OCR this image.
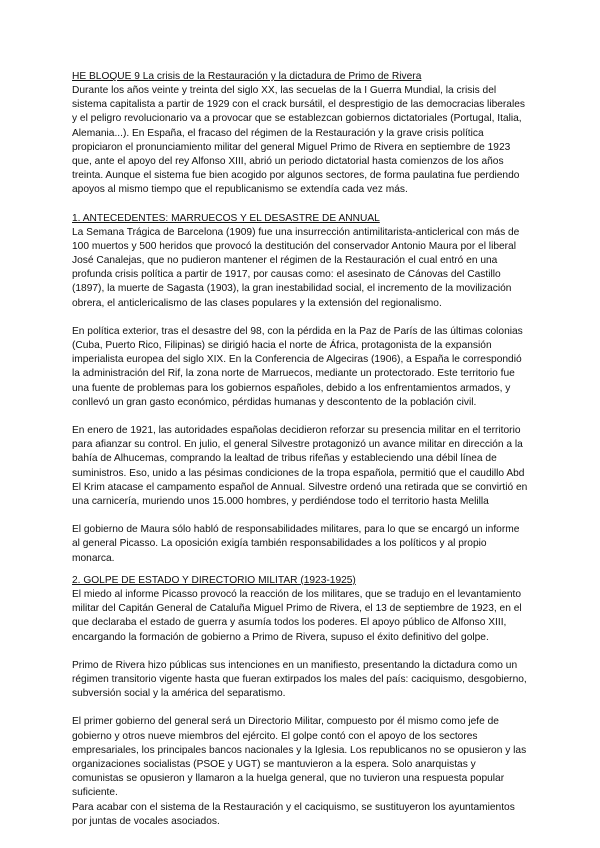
HE BLOQUE 9 La crisis de la Restauración y la dictadura de Primo de Rivera

Durante los años veinte y treinta del siglo XX, las secuelas de la I Guerra Mundial, la crisis del sistema capitalista a partir de 1929 con el crack bursátil, el desprestigio de las democracias liberales y el peligro revolucionario va a provocar que se establezcan gobiernos dictatoriales (Portugal, Italia, Alemania...). En España, el fracaso del régimen de la Restauración y la grave crisis política propiciaron el pronunciamiento militar del general Miguel Primo de Rivera en septiembre de 1923 que, ante el apoyo del rey Alfonso XIII, abrió un periodo dictatorial hasta comienzos de los años treinta. Aunque el sistema fue bien acogido por algunos sectores, de forma paulatina fue perdiendo apoyos al mismo tiempo que el republicanismo se extendía cada vez más.

1. ANTECEDENTES: MARRUECOS Y EL DESASTRE DE ANNUAL

La Semana Trágica de Barcelona (1909) fue una insurrección antimilitarista-anticlerical con más de 100 muertos y 500 heridos que provocó la destitución del conservador Antonio Maura por el liberal José Canalejas, que no pudieron mantener el régimen de la Restauración el cual entró en una profunda crisis política a partir de 1917, por causas como: el asesinato de Cánovas del Castillo (1897), la muerte de Sagasta (1903), la gran inestabilidad social, el incremento de la movilización obrera, el anticlericalismo de las clases populares y la extensión del regionalismo.

En política exterior, tras el desastre del 98, con la pérdida en la Paz de París de las últimas colonias (Cuba, Puerto Rico, Filipinas) se dirigió hacia el norte de África, protagonista de la expansión imperialista europea del siglo XIX. En la Conferencia de Algeciras (1906), a España le correspondió la administración del Rif, la zona norte de Marruecos, mediante un protectorado. Este territorio fue una fuente de problemas para los gobiernos españoles, debido a los enfrentamientos armados, y conllevó un gran gasto económico, pérdidas humanas y descontento de la población civil.

En enero de 1921, las autoridades españolas decidieron reforzar su presencia militar en el territorio para afianzar su control. En julio, el general Silvestre protagonizó un avance militar en dirección a la bahía de Alhucemas, comprando la lealtad de tribus rifeñas y estableciendo una débil línea de suministros. Eso, unido a las pésimas condiciones de la tropa española, permitió que el caudillo Abd El Krim atacase el campamento español de Annual. Silvestre ordenó una retirada que se convirtió en una carnicería, muriendo unos 15.000 hombres, y perdiéndose todo el territorio hasta Melilla

El gobierno de Maura sólo habló de responsabilidades militares, para lo que se encargó un informe al general Picasso. La oposición exigía también responsabilidades a los políticos y al propio monarca.

2. GOLPE DE ESTADO Y DIRECTORIO MILITAR (1923-1925)

El miedo al informe Picasso provocó la reacción de los militares, que se tradujo en el levantamiento militar del Capitán General de Cataluña Miguel Primo de Rivera, el 13 de septiembre de 1923, en el que declaraba el estado de guerra y asumía todos los poderes. El apoyo público de Alfonso XIII, encargando la formación de gobierno a Primo de Rivera, supuso el éxito definitivo del golpe.

Primo de Rivera hizo públicas sus intenciones en un manifiesto, presentando la dictadura como un régimen transitorio vigente hasta que fueran extirpados los males del país: caciquismo, desgobierno, subversión social y la américa del separatismo.

El primer gobierno del general será un Directorio Militar, compuesto por él mismo como jefe de gobierno y otros nueve miembros del ejército. El golpe contó con el apoyo de los sectores empresariales, los principales bancos nacionales y la Iglesia. Los republicanos no se opusieron y las organizaciones socialistas (PSOE y UGT) se mantuvieron a la espera. Solo anarquistas y comunistas se opusieron y llamaron a la huelga general, que no tuvieron una respuesta popular suficiente.

Para acabar con el sistema de la Restauración y el caciquismo, se sustituyeron los ayuntamientos por juntas de vocales asociados.
